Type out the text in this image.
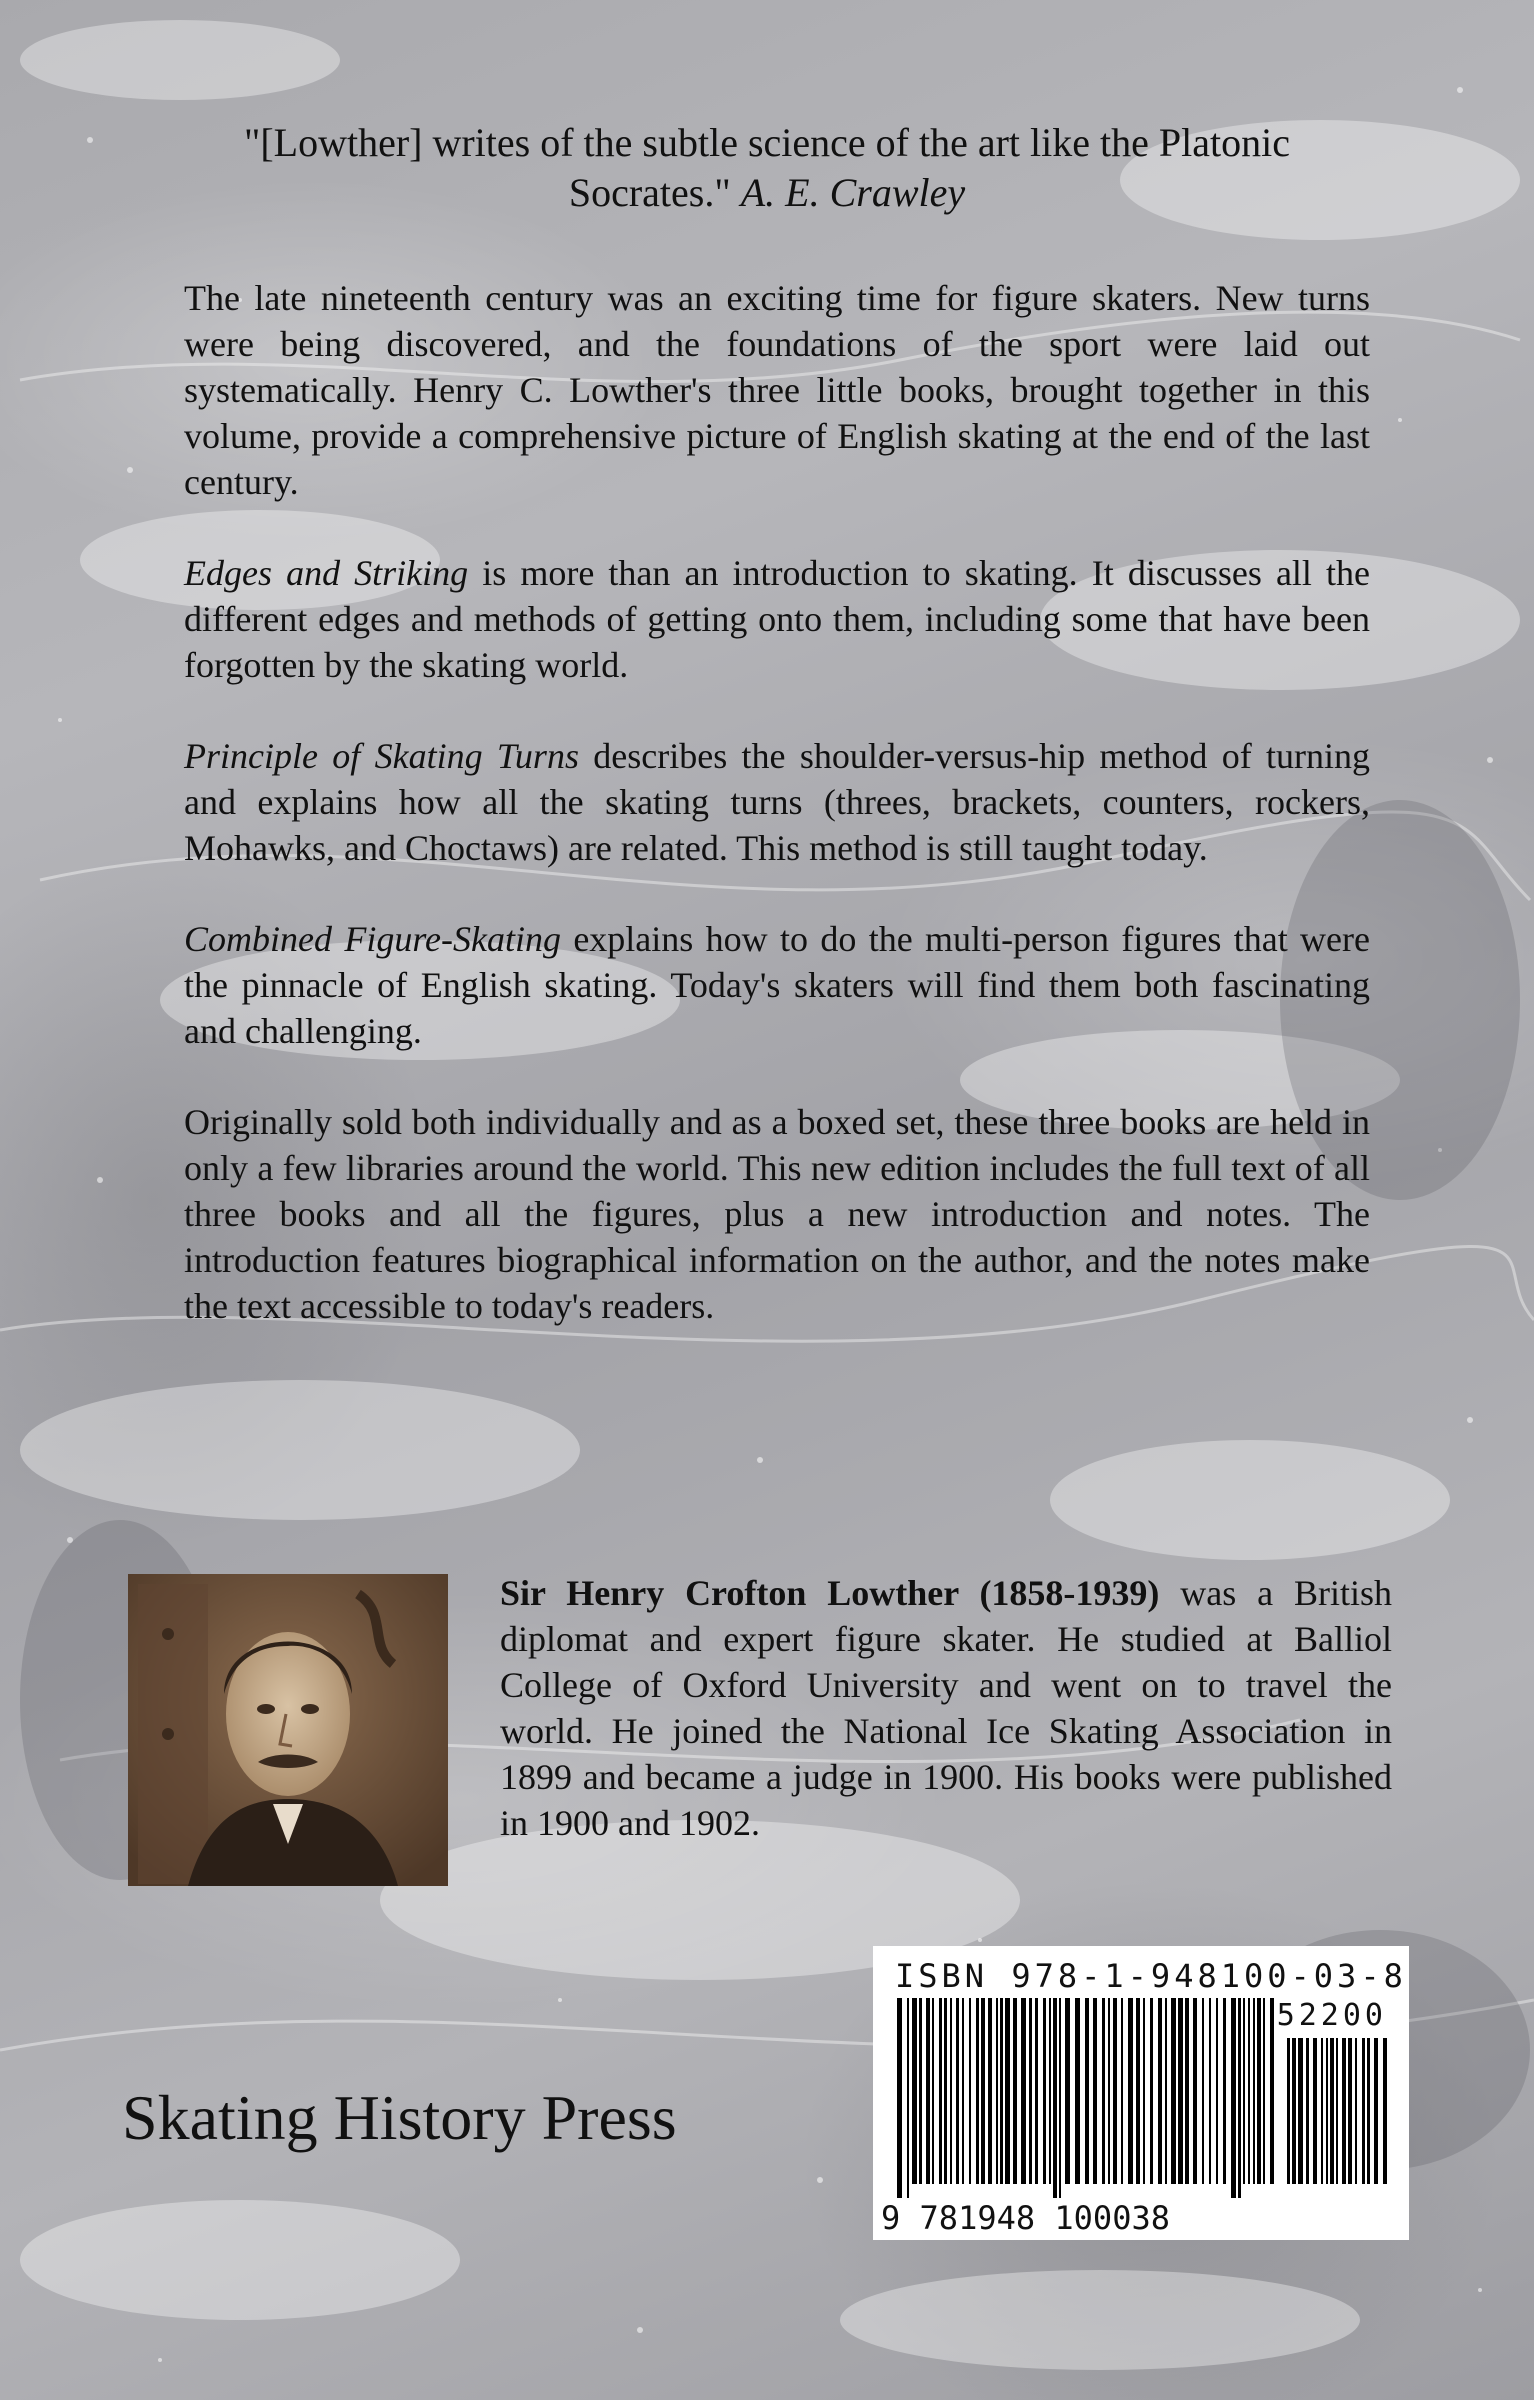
"[Lowther] writes of the subtle science of the art like the Platonic Socrates." A. E. Crawley

The late nineteenth century was an exciting time for figure skaters. New turns were being discovered, and the foundations of the sport were laid out systematically. Henry C. Lowther's three little books, brought together in this volume, provide a comprehensive picture of English skating at the end of the last century.

Edges and Striking is more than an introduction to skating. It discusses all the different edges and methods of getting onto them, including some that have been forgotten by the skating world.

Principle of Skating Turns describes the shoulder-versus-hip method of turning and explains how all the skating turns (threes, brackets, counters, rockers, Mohawks, and Choctaws) are related. This method is still taught today.

Combined Figure-Skating explains how to do the multi-person figures that were the pinnacle of English skating. Today's skaters will find them both fascinating and challenging.

Originally sold both individually and as a boxed set, these three books are held in only a few libraries around the world. This new edition includes the full text of all three books and all the figures, plus a new introduction and notes. The introduction features biographical information on the author, and the notes make the text accessible to today's readers.

Sir Henry Crofton Lowther (1858-1939) was a British diplomat and expert figure skater. He studied at Balliol College of Oxford University and went on to travel the world. He joined the National Ice Skating Association in 1899 and became a judge in 1900. His books were published in 1900 and 1902.
Skating History Press
ISBN 978-1-948100-03-8
52200
9 781948 100038
